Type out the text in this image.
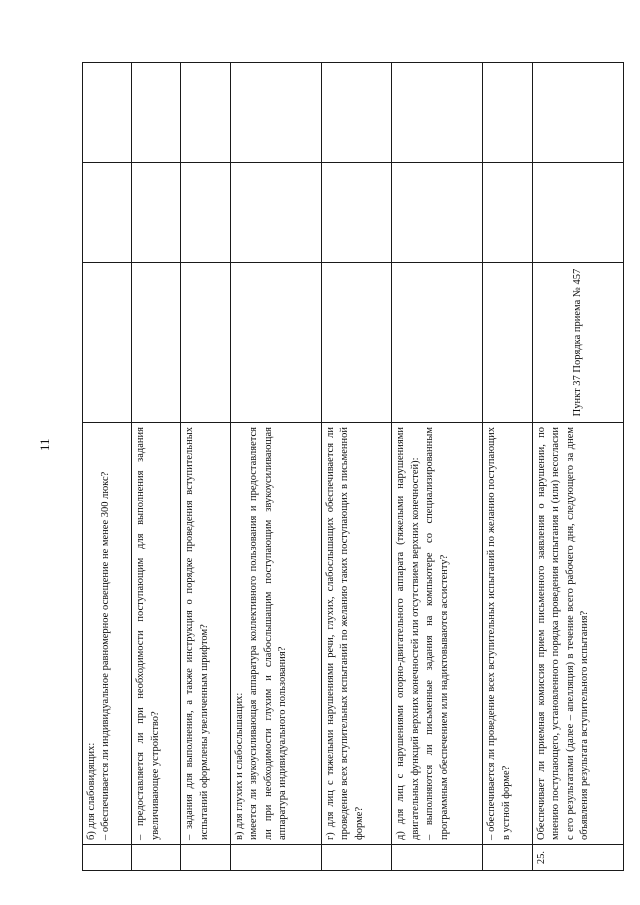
11

	б) для слабовидящих: – обеспечивается ли индивидуальное равномерное освещение не менее 300 люкс?			

	– предоставляется ли при необходимости поступающим для выполнения задания увеличивающее устройство?			

	– задания для выполнения, а также инструкция о порядке проведения вступительных испытаний оформлены увеличенным шрифтом?			

	в) для глухих и слабослышащих: имеется ли звукоусиливающая аппаратура коллективного пользования и предоставляется ли при необходимости глухим и слабослышащим поступающим звукоусиливающая аппаратура индивидуального пользования?			

	г) для лиц с тяжелыми нарушениями речи, глухих, слабослышащих обеспечивается ли проведение всех вступительных испытаний по желанию таких поступающих в письменной форме?			

	д) для лиц с нарушениями опорно-двигательного аппарата (тяжелыми нарушениями двигательных функций верхних конечностей или отсутствием верхних конечностей): – выполняются ли письменные задания на компьютере со специализированным программным обеспечением или надиктовываются ассистенту?			

	– обеспечивается ли проведение всех вступительных испытаний по желанию поступающих в устной форме?			

25.	Обеспечивает ли приемная комиссия прием письменного заявления о нарушении, по мнению поступающего, установленного порядка проведения испытания и (или) несогласии с его результатами (далее – апелляция) в течение всего рабочего дня, следующего за днем объявления результата вступительного испытания?	Пункт 37 Порядка приема № 457		
